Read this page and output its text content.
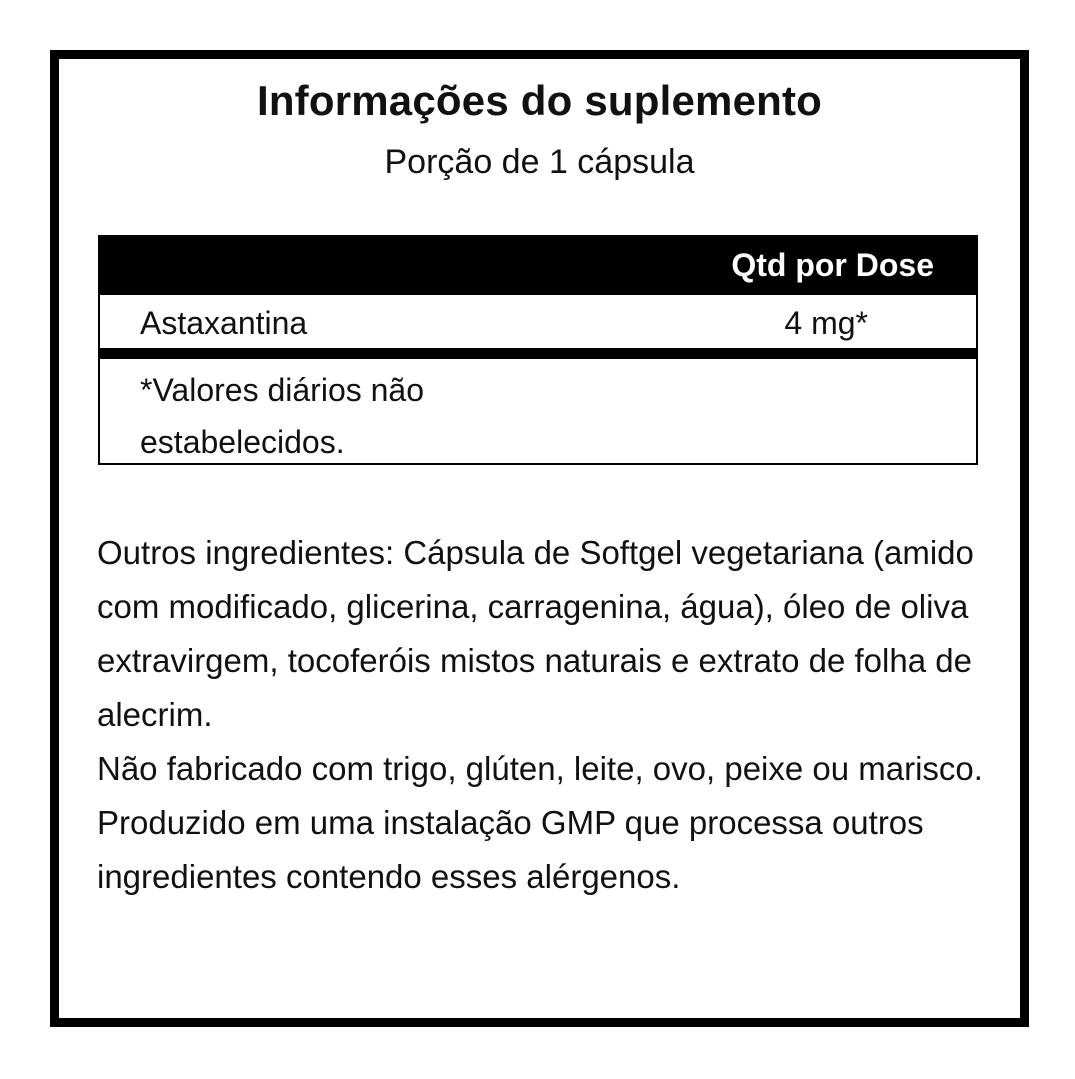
Informações do suplemento
Porção de 1 cápsula
Qtd por Dose
Astaxantina	4 mg*
*Valores diários não estabelecidos.

Outros ingredientes: Cápsula de Softgel vegetariana (amido com modificado, glicerina, carragenina, água), óleo de oliva extravirgem, tocoferóis mistos naturais e extrato de folha de alecrim.

Não fabricado com trigo, glúten, leite, ovo, peixe ou marisco.

Produzido em uma instalação GMP que processa outros ingredientes contendo esses alérgenos.
